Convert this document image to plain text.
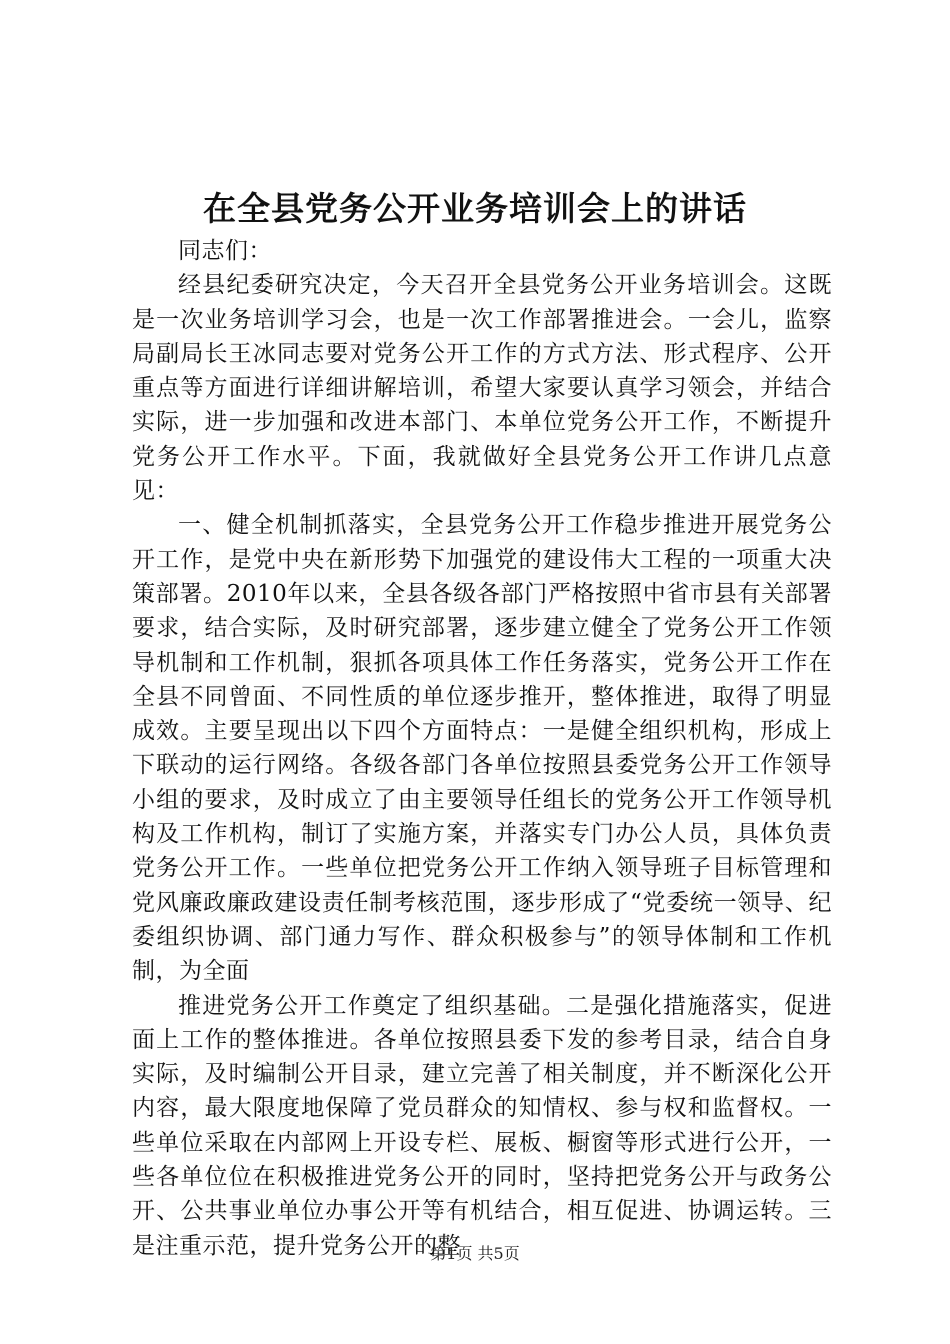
在全县党务公开业务培训会上的讲话

同志们：

经县纪委研究决定，今天召开全县党务公开业务培训会。这既是一次业务培训学习会，也是一次工作部署推进会。一会儿，监察局副局长王冰同志要对党务公开工作的方式方法、形式程序、公开重点等方面进行详细讲解培训，希望大家要认真学习领会，并结合实际，进一步加强和改进本部门、本单位党务公开工作，不断提升党务公开工作水平。下面，我就做好全县党务公开工作讲几点意见：

一、健全机制抓落实，全县党务公开工作稳步推进开展党务公开工作，是党中央在新形势下加强党的建设伟大工程的一项重大决策部署。2010年以来，全县各级各部门严格按照中省市县有关部署要求，结合实际，及时研究部署，逐步建立健全了党务公开工作领导机制和工作机制，狠抓各项具体工作任务落实，党务公开工作在全县不同曾面、不同性质的单位逐步推开，整体推进，取得了明显成效。主要呈现出以下四个方面特点：一是健全组织机构，形成上下联动的运行网络。各级各部门各单位按照县委党务公开工作领导小组的要求，及时成立了由主要领导任组长的党务公开工作领导机构及工作机构，制订了实施方案，并落实专门办公人员，具体负责党务公开工作。一些单位把党务公开工作纳入领导班子目标管理和党风廉政廉政建设责任制考核范围，逐步形成了“党委统一领导、纪委组织协调、部门通力写作、群众积极参与”的领导体制和工作机制，为全面

推进党务公开工作奠定了组织基础。二是强化措施落实，促进面上工作的整体推进。各单位按照县委下发的参考目录，结合自身实际，及时编制公开目录，建立完善了相关制度，并不断深化公开内容，最大限度地保障了党员群众的知情权、参与权和监督权。一些单位采取在内部网上开设专栏、展板、橱窗等形式进行公开，一些各单位位在积极推进党务公开的同时，坚持把党务公开与政务公开、公共事业单位办事公开等有机结合，相互促进、协调运转。三是注重示范，提升党务公开的整

第1页 共5页
